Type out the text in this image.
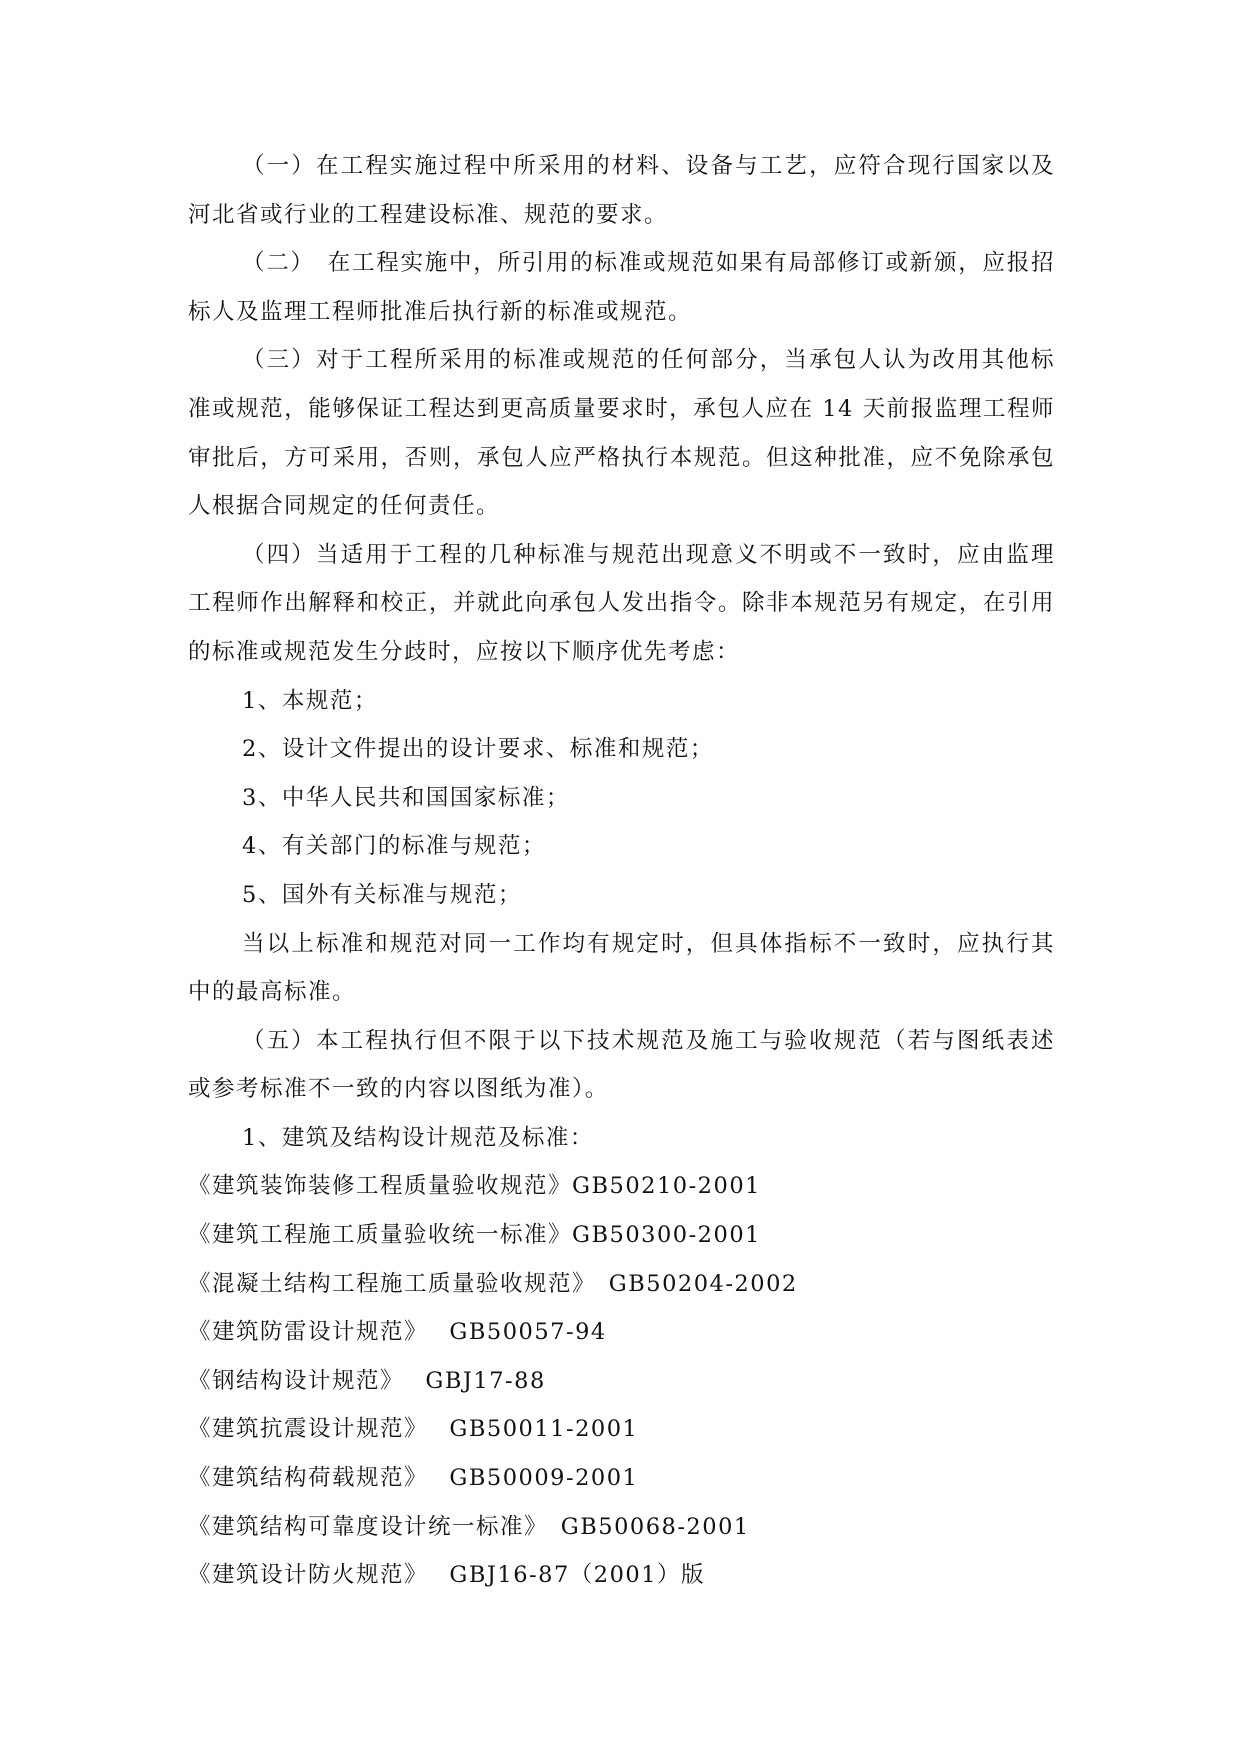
（一）在工程实施过程中所采用的材料、设备与工艺，应符合现行国家以及河北省或行业的工程建设标准、规范的要求。

（二）　在工程实施中，所引用的标准或规范如果有局部修订或新颁，应报招标人及监理工程师批准后执行新的标准或规范。

（三）对于工程所采用的标准或规范的任何部分，当承包人认为改用其他标准或规范，能够保证工程达到更高质量要求时，承包人应在 14 天前报监理工程师审批后，方可采用，否则，承包人应严格执行本规范。但这种批准，应不免除承包人根据合同规定的任何责任。

（四）当适用于工程的几种标准与规范出现意义不明或不一致时，应由监理工程师作出解释和校正，并就此向承包人发出指令。除非本规范另有规定，在引用的标准或规范发生分歧时，应按以下顺序优先考虑：

1、本规范；

2、设计文件提出的设计要求、标准和规范；

3、中华人民共和国国家标准；

4、有关部门的标准与规范；

5、国外有关标准与规范；

当以上标准和规范对同一工作均有规定时，但具体指标不一致时，应执行其中的最高标准。

（五）本工程执行但不限于以下技术规范及施工与验收规范（若与图纸表述或参考标准不一致的内容以图纸为准）。

1、建筑及结构设计规范及标准：

《建筑装饰装修工程质量验收规范》GB50210-2001

《建筑工程施工质量验收统一标准》GB50300-2001

《混凝土结构工程施工质量验收规范》　GB50204-2002

《建筑防雷设计规范》　 GB50057-94

《钢结构设计规范》　 GBJ17-88

《建筑抗震设计规范》　 GB50011-2001

《建筑结构荷载规范》　 GB50009-2001

《建筑结构可靠度设计统一标准》　GB50068-2001

《建筑设计防火规范》　 GBJ16-87（2001）版
